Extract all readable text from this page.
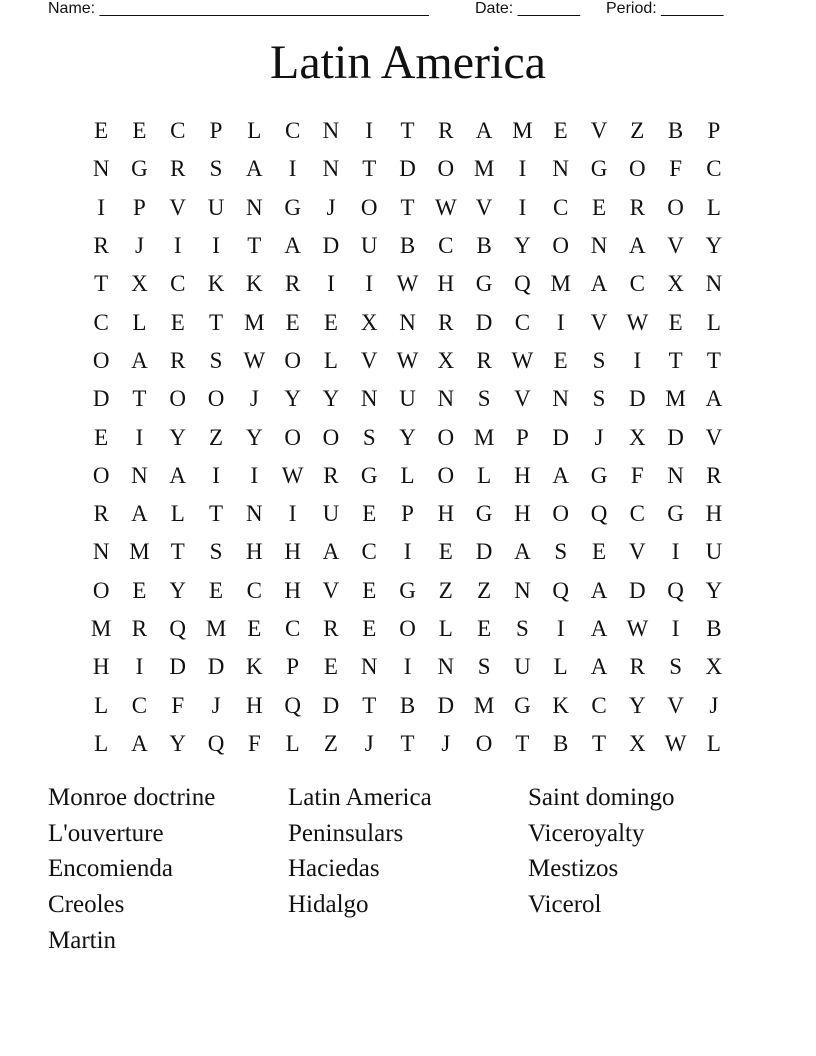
Name: _____________________________________

	Date: _______

Period: _______

Latin America
E	E	C	P	L	C N	I	T	R A M E V Z	B	P
N G R	S	A	I	N T D O M	I	N G O	F	C
I	P	V U N G	J	O T W V	I	C	E	R O L
R	J	I	I	T A D U B C B Y O N A V Y
T X C K K R	I	I	W H G Q M A C X N
C	L	E	T M E	E X N R D C	I	V W E	L
O A R	S W O L V W X R W E	S	I	T	T
D T O O	J	Y Y N U N	S	V N	S	D M A
E	I	Y Z Y O O	S	Y O M P	D	J	X D V
O N A	I	I	W R G L O L H A G	F	N R
R A L	T N	I	U E	P	H G H O Q C G H
N M T	S	H H A C	I	E D A	S	E V	I	U
O E Y E	C H V E G Z	Z N Q A D Q Y
M R Q M E	C R	E O L	E	S	I	A W	I	B
H	I	D D K	P	E N	I	N	S	U L A R	S	X
L	C	F	J	H Q D T	B D M G K C Y V	J
L A Y Q	F	L	Z	J	T	J	O T	B	T X W L
Monroe doctrine	Latin America	Saint domingo
L'ouverture	Peninsulars	Viceroyalty
Encomienda	Haciedas	Mestizos
Creoles	Hidalgo	Vicerol
Martin
